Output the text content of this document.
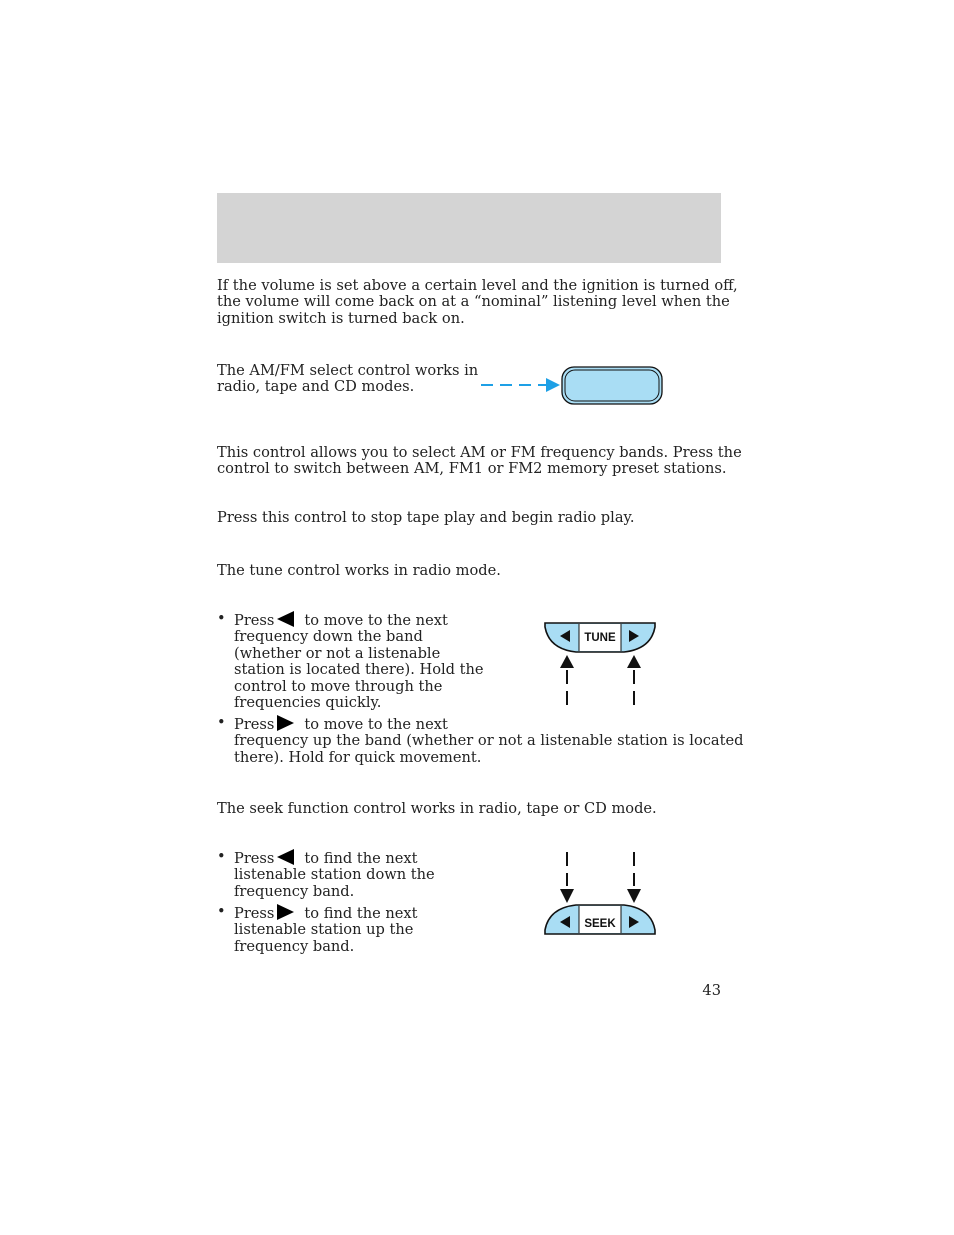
If the volume is set above a certain level and the ignition is turned off,
the volume will come back on at a “nominal” listening level when the
ignition switch is turned back on.
The AM/FM select control works in
radio, tape and CD modes.
This control allows you to select AM or FM frequency bands. Press the
control to switch between AM, FM1 or FM2 memory preset stations.
Press this control to stop tape play and begin radio play.
The tune control works in radio mode.
• Press to move to the next
frequency down the band
(whether or not a listenable
station is located there). Hold the
control to move through the
frequencies quickly.
• Press to move to the next
frequency up the band (whether or not a listenable station is located
there). Hold for quick movement.
TUNE
The seek function control works in radio, tape or CD mode.
• Press to find the next
listenable station down the
frequency band.
• Press to find the next
listenable station up the
frequency band.
SEEK
43
